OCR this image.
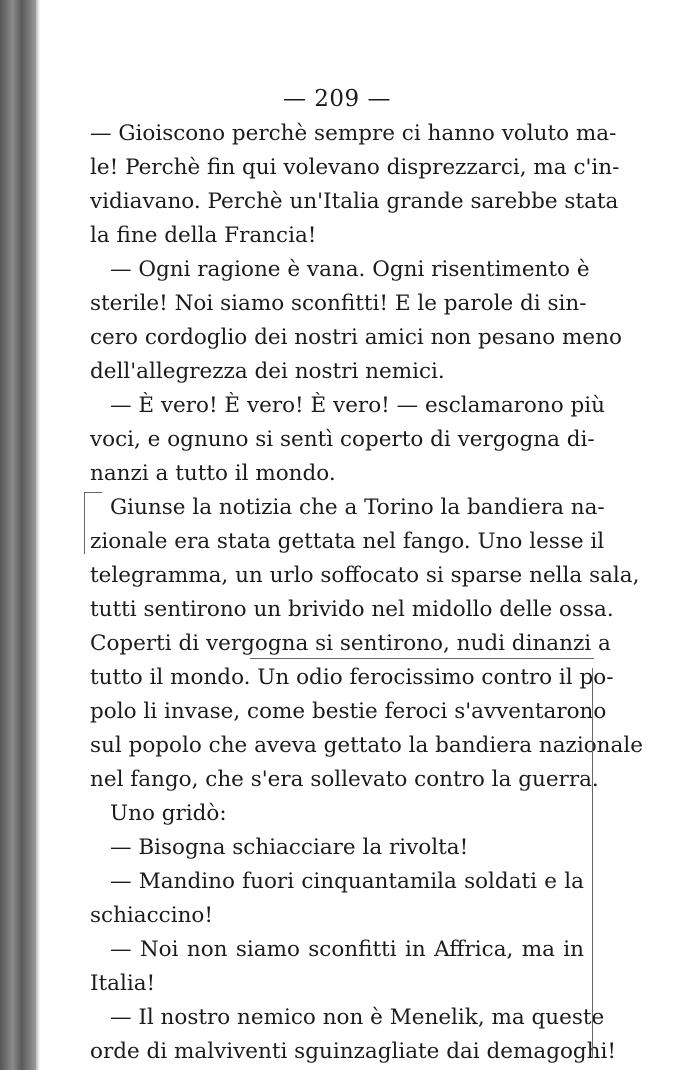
— 209 —
— Gioiscono perchè sempre ci hanno voluto ma-
le! Perchè fin qui volevano disprezzarci, ma c'in-
vidiavano. Perchè un'Italia grande sarebbe stata
la fine della Francia!
— Ogni ragione è vana. Ogni risentimento è
sterile! Noi siamo sconfitti! E le parole di sin-
cero cordoglio dei nostri amici non pesano meno
dell'allegrezza dei nostri nemici.
— È vero! È vero! È vero! — esclamarono più
voci, e ognuno si sentì coperto di vergogna di-
nanzi a tutto il mondo.
Giunse la notizia che a Torino la bandiera na-
zionale era stata gettata nel fango. Uno lesse il
telegramma, un urlo soffocato si sparse nella sala,
tutti sentirono un brivido nel midollo delle ossa.
Coperti di vergogna si sentirono, nudi dinanzi a
tutto il mondo. Un odio ferocissimo contro il po-
polo li invase, come bestie feroci s'avventarono
sul popolo che aveva gettato la bandiera nazionale
nel fango, che s'era sollevato contro la guerra.
Uno gridò:
— Bisogna schiacciare la rivolta!
— Mandino fuori cinquantamila soldati e la
schiaccino!
— Noi non siamo sconfitti in Affrica, ma in
Italia!
— Il nostro nemico non è Menelik, ma queste
orde di malviventi sguinzagliate dai demagoghi!
